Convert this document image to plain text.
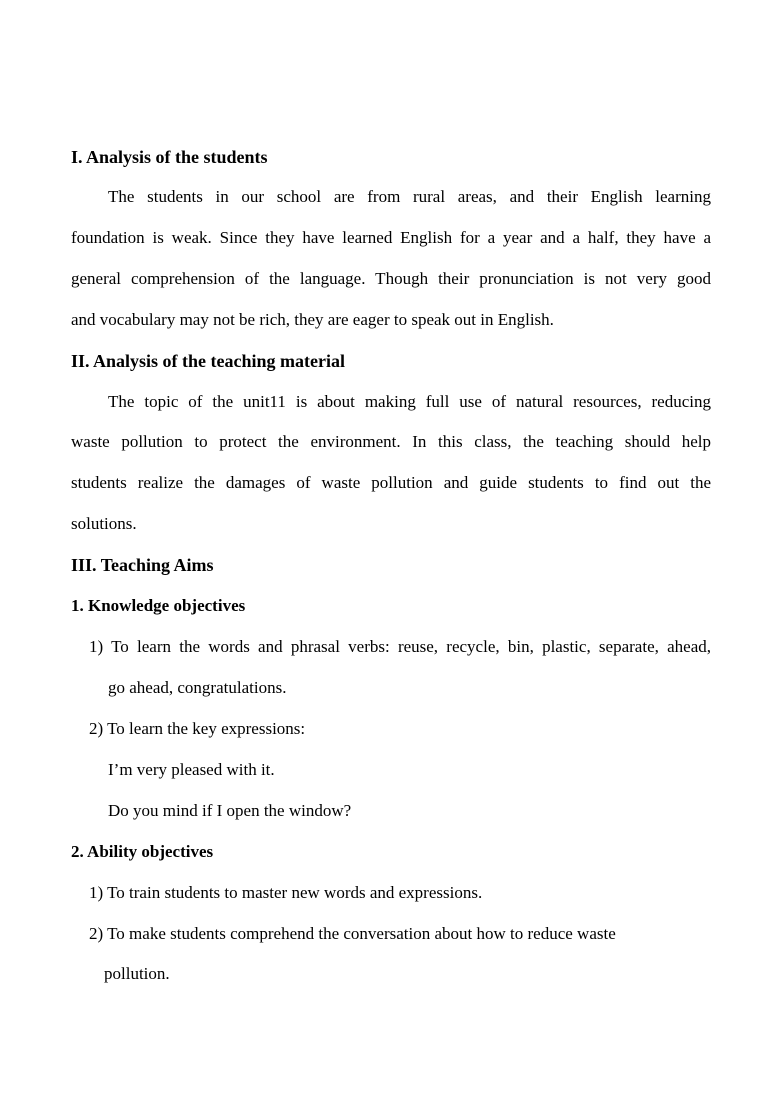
I. Analysis of the students
The students in our school are from rural areas, and their English learning
foundation is weak. Since they have learned English for a year and a half, they have a
general comprehension of the language. Though their pronunciation is not very good
and vocabulary may not be rich, they are eager to speak out in English.
II. Analysis of the teaching material
The topic of the unit11 is about making full use of natural resources, reducing
waste pollution to protect the environment. In this class, the teaching should help
students realize the damages of waste pollution and guide students to find out the
solutions.
III. Teaching Aims
1. Knowledge objectives
1) To learn the words and phrasal verbs: reuse, recycle, bin, plastic, separate, ahead,
go ahead, congratulations.
2) To learn the key expressions:
I’m very pleased with it.
Do you mind if I open the window?
2. Ability objectives
1) To train students to master new words and expressions.
2) To make students comprehend the conversation about how to reduce waste
pollution.
